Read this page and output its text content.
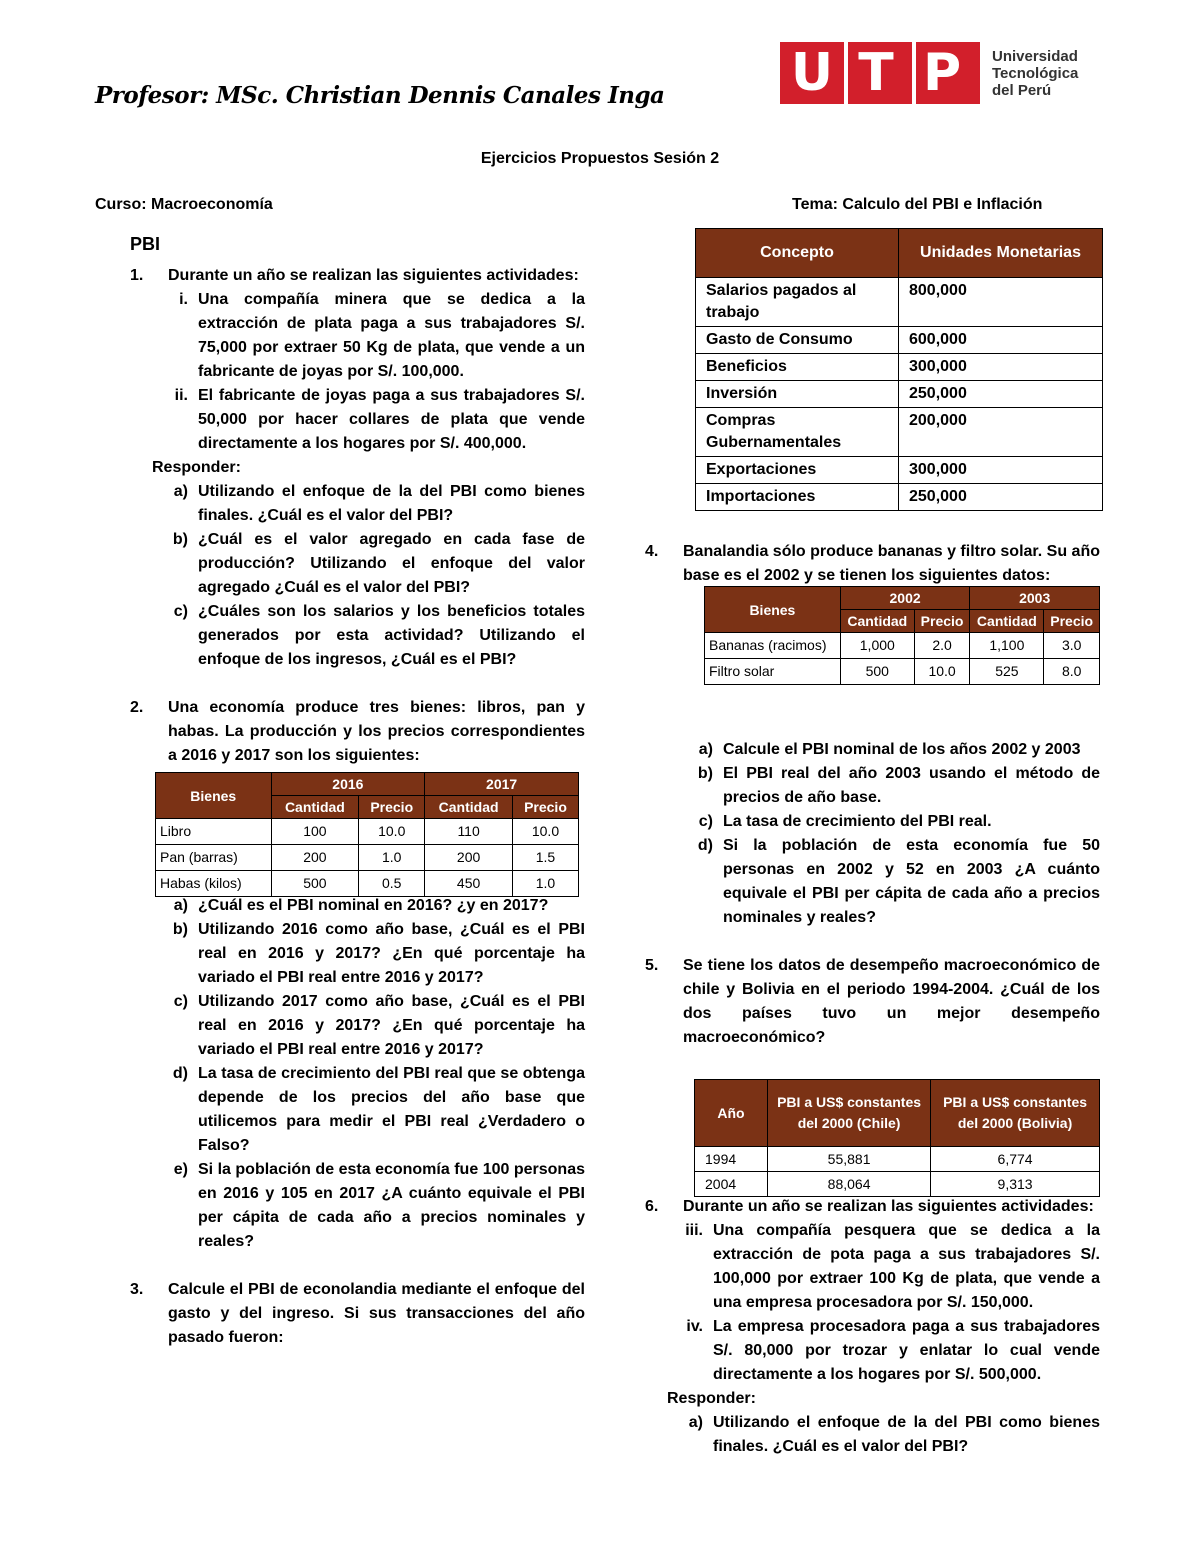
Profesor: MSc. Christian Dennis Canales Inga U T P	Universidad
Tecnológica
del Perú
Ejercicios Propuestos Sesión 2
Curso: Macroeconomía	Tema: Calculo del PBI e Inflación
PBI
1.	Durante un año se realizan las siguientes actividades:
i. Una compañía minera que se dedica a la extracción de plata paga a sus trabajadores S/. 75,000 por extraer 50 Kg de plata, que vende a un fabricante de joyas por S/. 100,000.
ii. El fabricante de joyas paga a sus trabajadores S/. 50,000 por hacer collares de plata que vende directamente a los hogares por S/. 400,000.
Responder:
a) Utilizando el enfoque de la del PBI como bienes finales. ¿Cuál es el valor del PBI?
b) ¿Cuál es el valor agregado en cada fase de producción? Utilizando el enfoque del valor agregado ¿Cuál es el valor del PBI?
c) ¿Cuáles son los salarios y los beneficios totales generados por esta actividad? Utilizando el enfoque de los ingresos, ¿Cuál es el PBI?
2.	Una economía produce tres bienes: libros, pan y habas. La producción y los precios correspondientes a 2016 y 2017 son los siguientes:
a) ¿Cuál es el PBI nominal en 2016? ¿y en 2017?
b) Utilizando 2016 como año base, ¿Cuál es el PBI real en 2016 y 2017? ¿En qué porcentaje ha variado el PBI real entre 2016 y 2017?
c) Utilizando 2017 como año base, ¿Cuál es el PBI real en 2016 y 2017? ¿En qué porcentaje ha variado el PBI real entre 2016 y 2017?
d) La tasa de crecimiento del PBI real que se obtenga depende de los precios del año base que utilicemos para medir el PBI real ¿Verdadero o Falso?
e) Si la población de esta economía fue 100 personas en 2016 y 105 en 2017 ¿A cuánto equivale el PBI per cápita de cada año a precios nominales y reales?
3.	Calcule el PBI de econolandia mediante el enfoque del gasto y del ingreso. Si sus transacciones del año pasado fueron:
Bienes	2016		2017	
	Cantidad	Precio	Cantidad	Precio
Libro	100	10.0	110	10.0
Pan (barras)	200	1.0	200	1.5
Habas (kilos)	500	0.5	450	1.0
Concepto	Unidades Monetarias
Salarios pagados al trabajo	800,000
Gasto de Consumo	600,000
Beneficios	300,000
Inversión	250,000
Compras Gubernamentales	200,000
Exportaciones	300,000
Importaciones	250,000
4.	Banalandia sólo produce bananas y filtro solar. Su año base es el 2002 y se tienen los siguientes datos:
a) Calcule el PBI nominal de los años 2002 y 2003
b) El PBI real del año 2003 usando el método de precios de año base.
c) La tasa de crecimiento del PBI real.
d) Si la población de esta economía fue 50 personas en 2002 y 52 en 2003 ¿A cuánto equivale el PBI per cápita de cada año a precios nominales y reales?
5.	Se tiene los datos de desempeño macroeconómico de chile y Bolivia en el periodo 1994-2004. ¿Cuál de los dos países tuvo un mejor desempeño macroeconómico?
6.	Durante un año se realizan las siguientes actividades:
iii. Una compañía pesquera que se dedica a la extracción de pota paga a sus trabajadores S/. 100,000 por extraer 100 Kg de plata, que vende a una empresa procesadora por S/. 150,000.
iv. La empresa procesadora paga a sus trabajadores S/. 80,000 por trozar y enlatar lo cual vende directamente a los hogares por S/. 500,000.
Responder:
a) Utilizando el enfoque de la del PBI como bienes finales. ¿Cuál es el valor del PBI?
Bienes	2002		2003	
	Cantidad	Precio	Cantidad	Precio
Bananas (racimos)	1,000	2.0	1,100	3.0
Filtro solar	500	10.0	525	8.0
Año	PBI a US$ constantes del 2000 (Chile)	PBI a US$ constantes del 2000 (Bolivia)
1994	55,881	6,774
2004	88,064	9,313
